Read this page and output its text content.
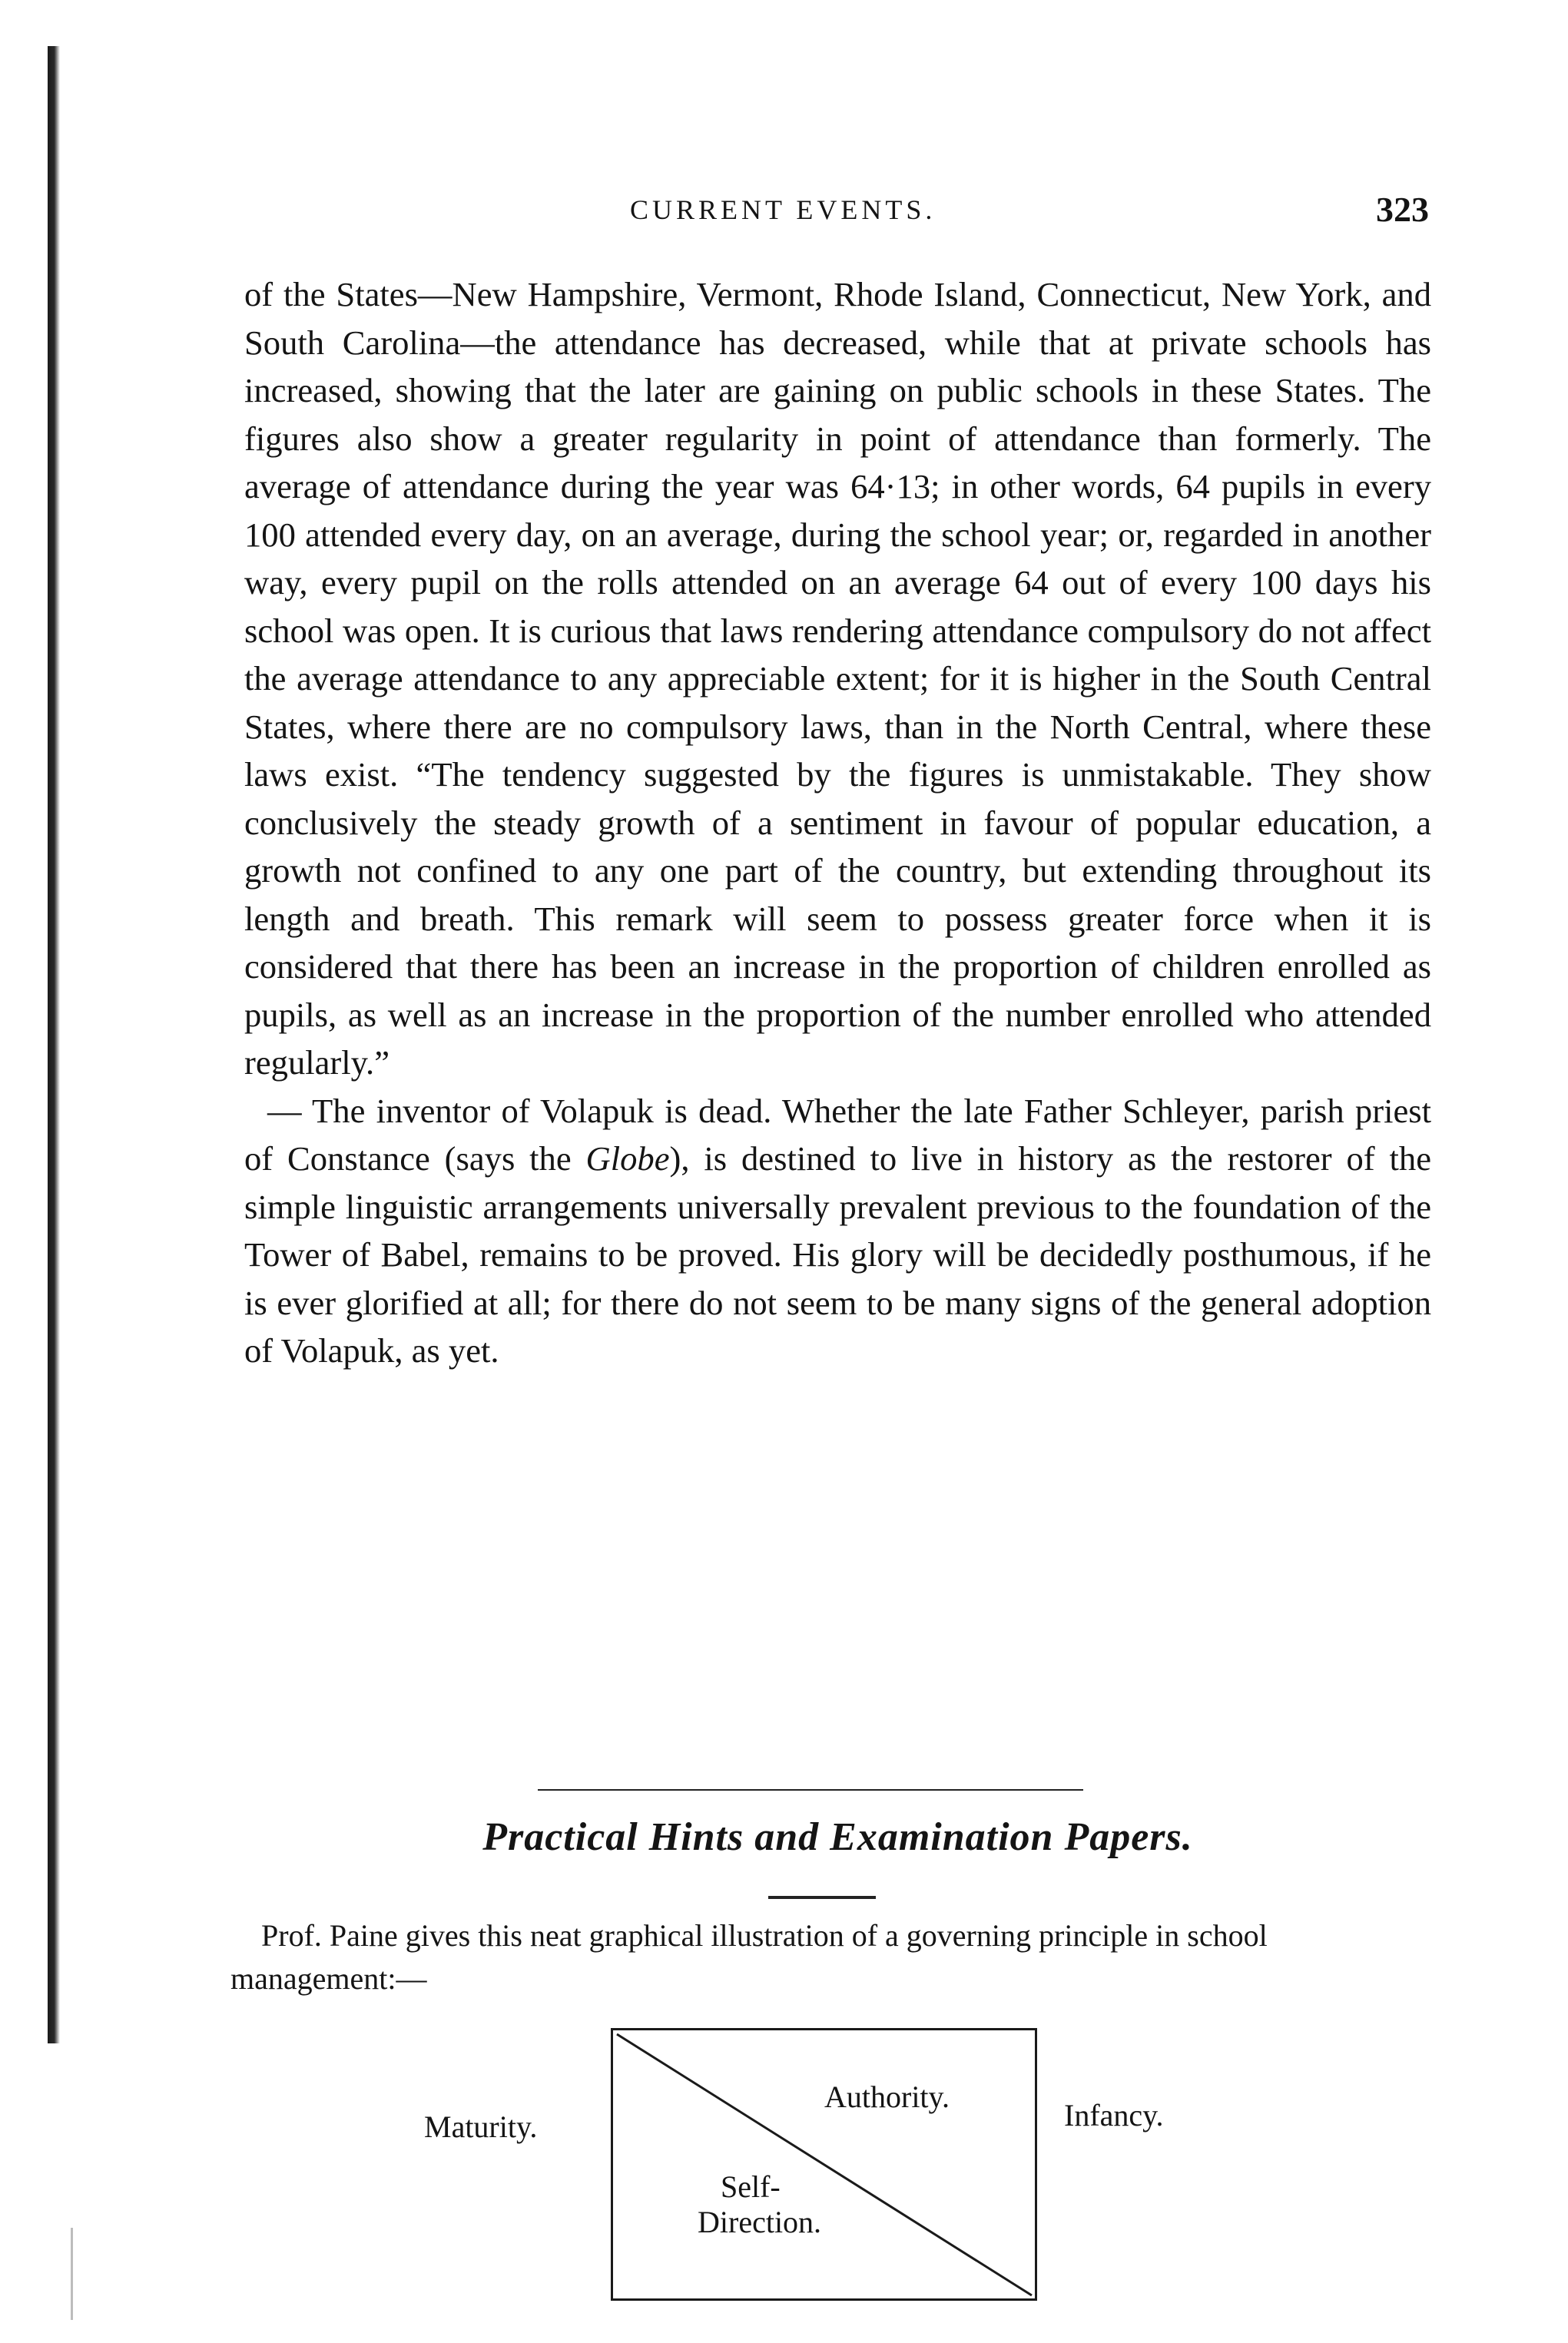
CURRENT EVENTS.	323

of the States—New Hampshire, Vermont, Rhode Island, Connecticut, New York, and South Carolina—the attendance has decreased, while that at private schools has increased, showing that the later are gaining on public schools in these States. The figures also show a greater regularity in point of attendance than formerly. The average of attendance during the year was 64·13; in other words, 64 pupils in every 100 attended every day, on an average, during the school year; or, regarded in another way, every pupil on the rolls attended on an average 64 out of every 100 days his school was open. It is curious that laws rendering attendance compulsory do not affect the average attendance to any appreciable extent; for it is higher in the South Central States, where there are no compulsory laws, than in the North Central, where these laws exist. “The tendency suggested by the figures is unmistakable. They show conclusively the steady growth of a sentiment in favour of popular education, a growth not confined to any one part of the country, but extending throughout its length and breath. This remark will seem to possess greater force when it is considered that there has been an increase in the proportion of children enrolled as pupils, as well as an increase in the proportion of the number enrolled who attended regularly.”

— The inventor of Volapuk is dead. Whether the late Father Schleyer, parish priest of Constance (says the Globe), is destined to live in history as the restorer of the simple linguistic arrangements universally prevalent previous to the foundation of the Tower of Babel, remains to be proved. His glory will be decidedly posthumous, if he is ever glorified at all; for there do not seem to be many signs of the general adoption of Volapuk, as yet.

Practical Hints and Examination Papers.

Prof. Paine gives this neat graphical illustration of a governing principle in school management:—

Authority.
Self-
Direction.
Maturity.	Infancy.
